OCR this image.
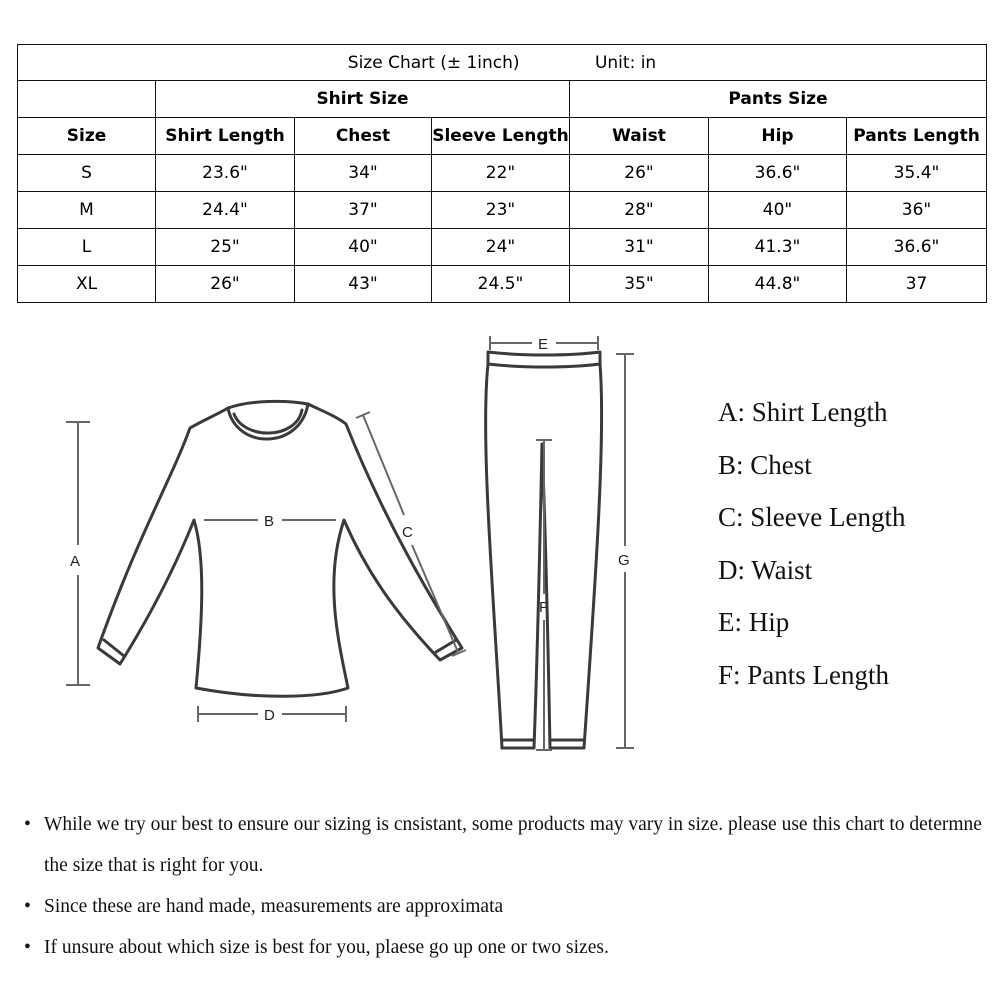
Size Chart (± 1inch) Unit: in						
	Shirt Size			Pants Size		
Size	Shirt Length	Chest	Sleeve Length	Waist	Hip	Pants Length
S	23.6"	34"	22"	26"	36.6"	35.4"
M	24.4"	37"	23"	28"	40"	36"
L	25"	40"	24"	31"	41.3"	36.6"
XL	26"	43"	24.5"	35"	44.8"	37
A
B
C
D
E
F
G
A: Shirt Length
B: Chest
C: Sleeve Length
D: Waist
E: Hip
F: Pants Length
• While we try our best to ensure our sizing is cnsistant, some products may vary in size. please use this chart to determne the size that is right for you.
• Since these are hand made, measurements are approximata
• If unsure about which size is best for you, plaese go up one or two sizes.
